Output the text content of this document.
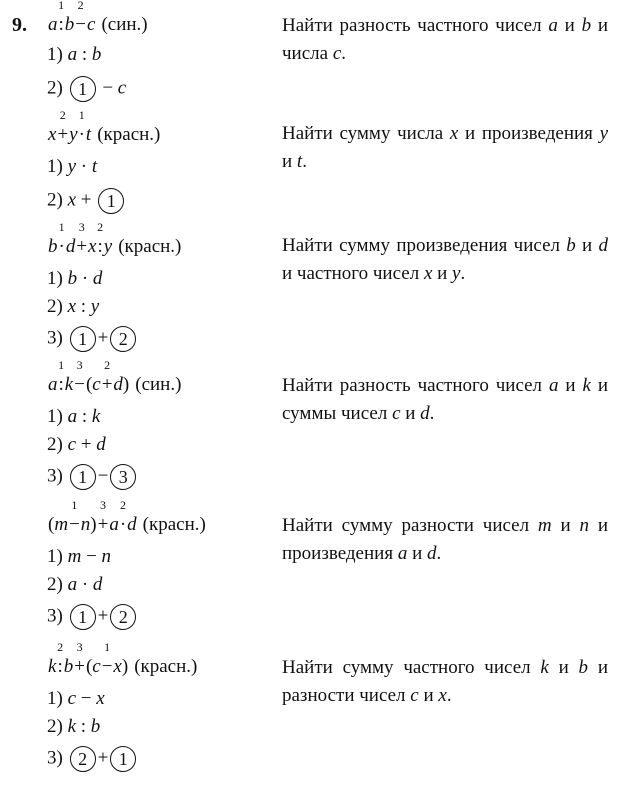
9. a:
1
b−
2
c (син.)
1) a : b
2) 1 − c
Найти разность частного чисел a и b и числа c.
x+
2
y·
1
t (красн.)
1) y · t
2) x + 1
Найти сумму числа x и произведения y и t.
b·
1
d+
3
x:
2
y (красн.)
1) b · d
2) x : y
3) 1 + 2
Найти сумму произведения чисел b и d и частного чисел x и y.
a:
1
k−
3
(c+
2
d) (син.)
1) a : k
2) c + d
3) 1 − 3
Найти разность частного чисел a и k и суммы чисел c и d.
(m−
1
n)+
3
a·
2
d (красн.)
1) m − n
2) a · d
3) 1 + 2
Найти сумму разности чисел m и n и произведения a и d.
k:
2
b+
3
(c−
1
x) (красн.)
1) c − x
2) k : b
3) 2 + 1
Найти сумму частного чисел k и b и разности чисел c и x.
